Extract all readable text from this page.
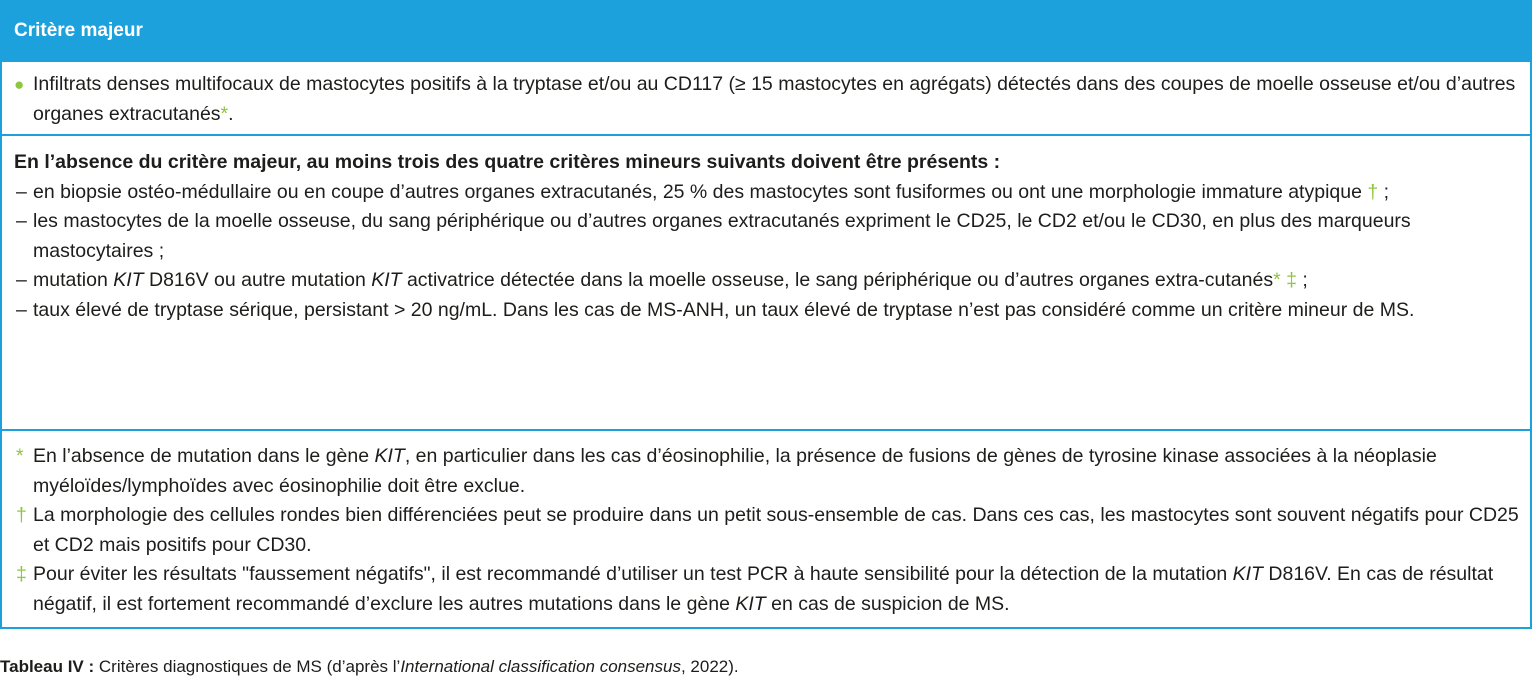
Critère majeur
● Infiltrats denses multifocaux de mastocytes positifs à la tryptase et/ou au CD117 (≥ 15 mastocytes en agrégats) détectés dans des coupes de moelle osseuse et/ou d’autres organes extracutanés*.
En l’absence du critère majeur, au moins trois des quatre critères mineurs suivants doivent être présents :
– en biopsie ostéo-médullaire ou en coupe d’autres organes extracutanés, 25 % des mastocytes sont fusiformes ou ont une morphologie immature atypique † ;
– les mastocytes de la moelle osseuse, du sang périphérique ou d’autres organes extracutanés expriment le CD25, le CD2 et/ou le CD30, en plus des marqueurs mastocytaires ;
– mutation KIT D816V ou autre mutation KIT activatrice détectée dans la moelle osseuse, le sang périphérique ou d’autres organes extra-cutanés* ‡ ;
– taux élevé de tryptase sérique, persistant > 20 ng/mL. Dans les cas de MS-ANH, un taux élevé de tryptase n’est pas considéré comme un critère mineur de MS.
* En l’absence de mutation dans le gène KIT, en particulier dans les cas d’éosinophilie, la présence de fusions de gènes de tyrosine kinase associées à la néoplasie myéloïdes/lymphoïdes avec éosinophilie doit être exclue.
† La morphologie des cellules rondes bien différenciées peut se produire dans un petit sous-ensemble de cas. Dans ces cas, les mastocytes sont souvent négatifs pour CD25 et CD2 mais positifs pour CD30.
‡ Pour éviter les résultats "faussement négatifs", il est recommandé d’utiliser un test PCR à haute sensibilité pour la détection de la mutation KIT D816V. En cas de résultat négatif, il est fortement recommandé d’exclure les autres mutations dans le gène KIT en cas de suspicion de MS.
Tableau IV : Critères diagnostiques de MS (d’après l’International classification consensus, 2022).
